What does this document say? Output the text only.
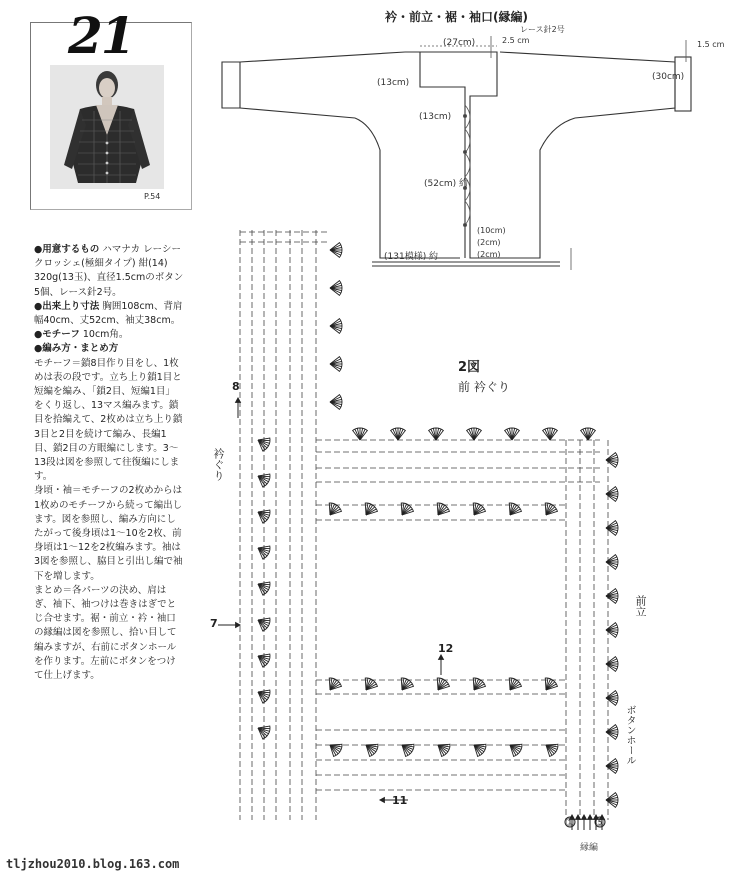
21
P.54

●用意するもの ハマナカ レーシークロッシェ(極細タイプ) 紺(14) 320g(13玉)、直径1.5cmのボタン5個、レース針2号。

●出来上り寸法 胸囲108cm、背肩幅40cm、丈52cm、袖丈38cm。

●モチーフ 10cm角。

●編み方・まとめ方

モチーフ＝鎖8目作り目をし、1枚めは表の段です。立ち上り鎖1目と短編を編み、「鎖2目、短編1目」をくり返し、13マス編みます。鎖目を拾編えて、2枚めは立ち上り鎖3目と2目を続けて編み、長編1目、鎖2目の方眼編にします。3〜13段は図を参照して往復編にします。

身頃・袖＝モチーフの2枚めからは1枚めのモチーフから続って編出します。図を参照し、編み方向にしたがって後身頃は1〜10を2枚、前身頃は1〜12を2枚編みます。袖は3図を参照し、脇目と引出し編で袖下を増します。

まとめ＝各パーツの決め、肩はぎ、袖下、袖つけは巻きはぎでとじ合せます。裾・前立・衿・袖口の縁編は図を参照し、拾い目して編みますが、右前にボタンホールを作ります。左前にボタンをつけて仕上げます。

衿・前立・裾・袖口(縁編)
レース針2号
(27cm)
(13cm)
(13cm)
(52cm) 約
(131模様) 約
(30cm)
1.5 cm
2.5 cm
(10cm)
(2cm)
(2cm)
2図
前 衿ぐり
8
7
12
11
衿ぐり
前立
ボタンホール
① ⑤
縁編
tljzhou2010.blog.163.com
